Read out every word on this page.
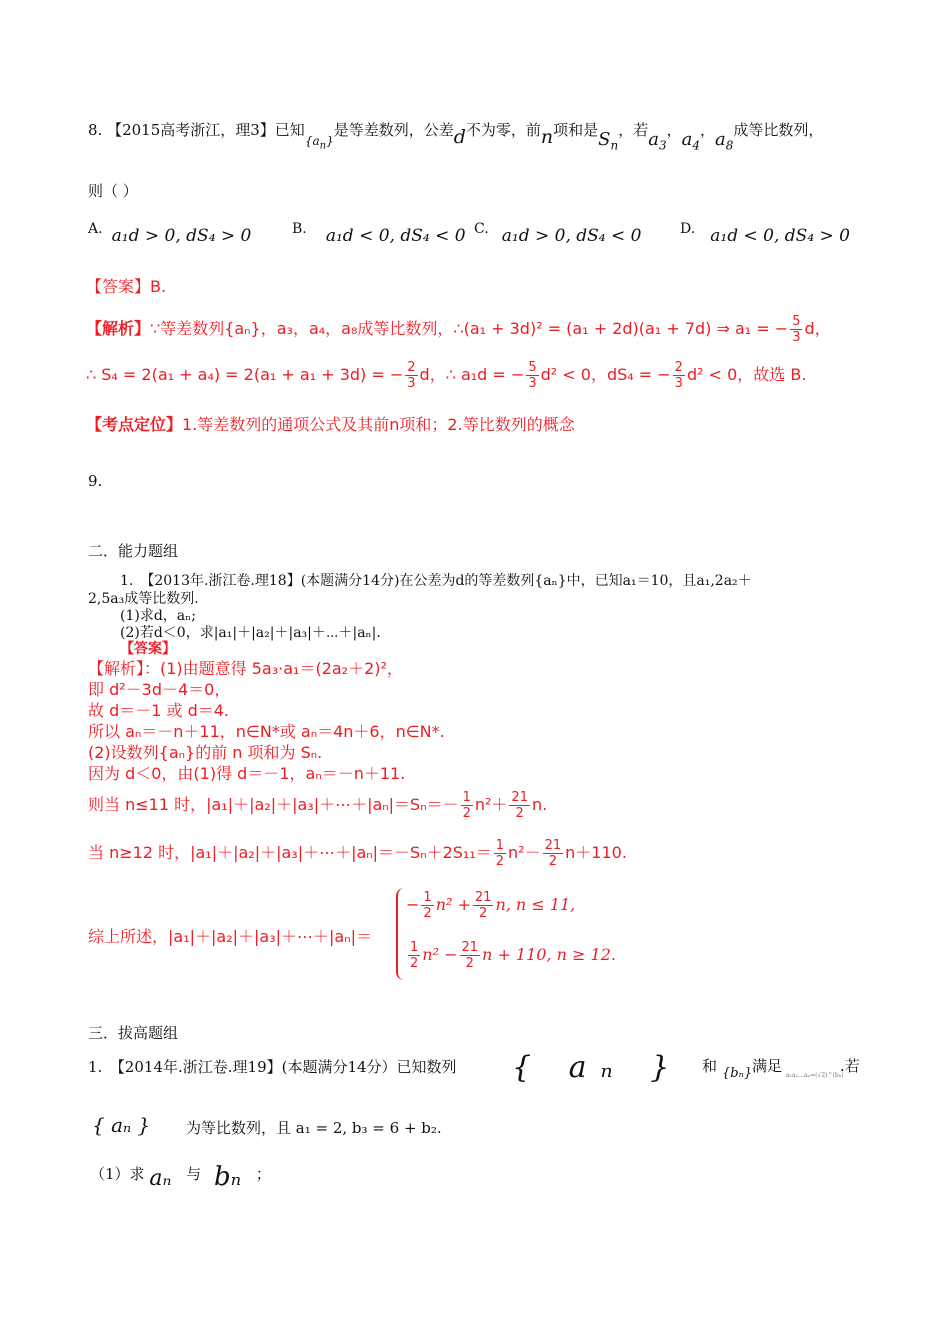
8. 【2015高考浙江，理3】已知$_{\{a_n\}}$是等差数列，公差d不为零，前n项和是$S_n$，若$a_3$，$a_4$，$a_8$成等比数列，
则（ ）
A. a₁d > 0, dS₄ > 0	B. a₁d < 0, dS₄ < 0 C. a₁d > 0, dS₄ < 0	D. a₁d < 0, dS₄ > 0
【答案】B.
【解析】∵等差数列{aₙ}，a₃，a₄，a₈成等比数列，∴(a₁ + 3d)² = (a₁ + 2d)(a₁ + 7d) ⇒ a₁ = − $\frac{5}{3}$ d，
∴ S₄ = 2(a₁ + a₄) = 2(a₁ + a₁ + 3d) = − $\frac{2}{3}$ d，∴ a₁d = − $\frac{5}{3} d^2 < 0$，dS₄ = − $\frac{2}{3} d^2 < 0$，故选 B.
【考点定位】1.等差数列的通项公式及其前n项和；2.等比数列的概念
9.
二．能力题组
1.　【2013年.浙江卷.理18】(本题满分14分)在公差为d的等差数列{aₙ}中，已知a₁＝10，且a₁,2a₂＋
2,5a₃成等比数列.
(1)求d，aₙ;
(2)若d＜0，求|a₁|＋|a₂|＋|a₃|＋⋯＋|aₙ|.
【答案】
【解析】：(1)由题意得 5a₃·a₁＝(2a₂＋2)²，
即 d²－3d－4＝0，
故 d＝－1 或 d＝4.
所以 aₙ＝－n＋11，n∈N*或 aₙ＝4n＋6，n∈N*.
(2)设数列{aₙ}的前 n 项和为 Sₙ.
因为 d＜0，由(1)得 d＝－1，aₙ＝－n＋11.
则当 n≤11 时，|a₁|＋|a₂|＋|a₃|＋⋯＋|aₙ|＝Sₙ＝－ $\frac{1}{2} n^2+ \frac{21}{2} n$.
当 n≥12 时，|a₁|＋|a₂|＋|a₃|＋⋯＋|aₙ|＝－Sₙ＋2S₁₁＝ $\frac{1}{2} n^2- \frac{21}{2} n+110$.
综上所述，|a₁|＋|a₂|＋|a₃|＋⋯＋|aₙ|＝
− $\frac{1}{2} n^2 + \frac{21}{2} n$, n ≤ 11,
$\frac{1}{2} n^2 - \frac{21}{2}$ n + 110, n ≥ 12.
三．拔高题组
1.　【2014年.浙江卷.理19】(本题满分14分）已知数列 { aₙ } 和 {bₙ} 满足
a₁a₂…aₙ=(√2)^(bₙ)
.若
{ aₙ } 为等比数列，且 a₁ = 2, b₃ = 6 + b₂.
（1）求 aₙ 与 bₙ ；
